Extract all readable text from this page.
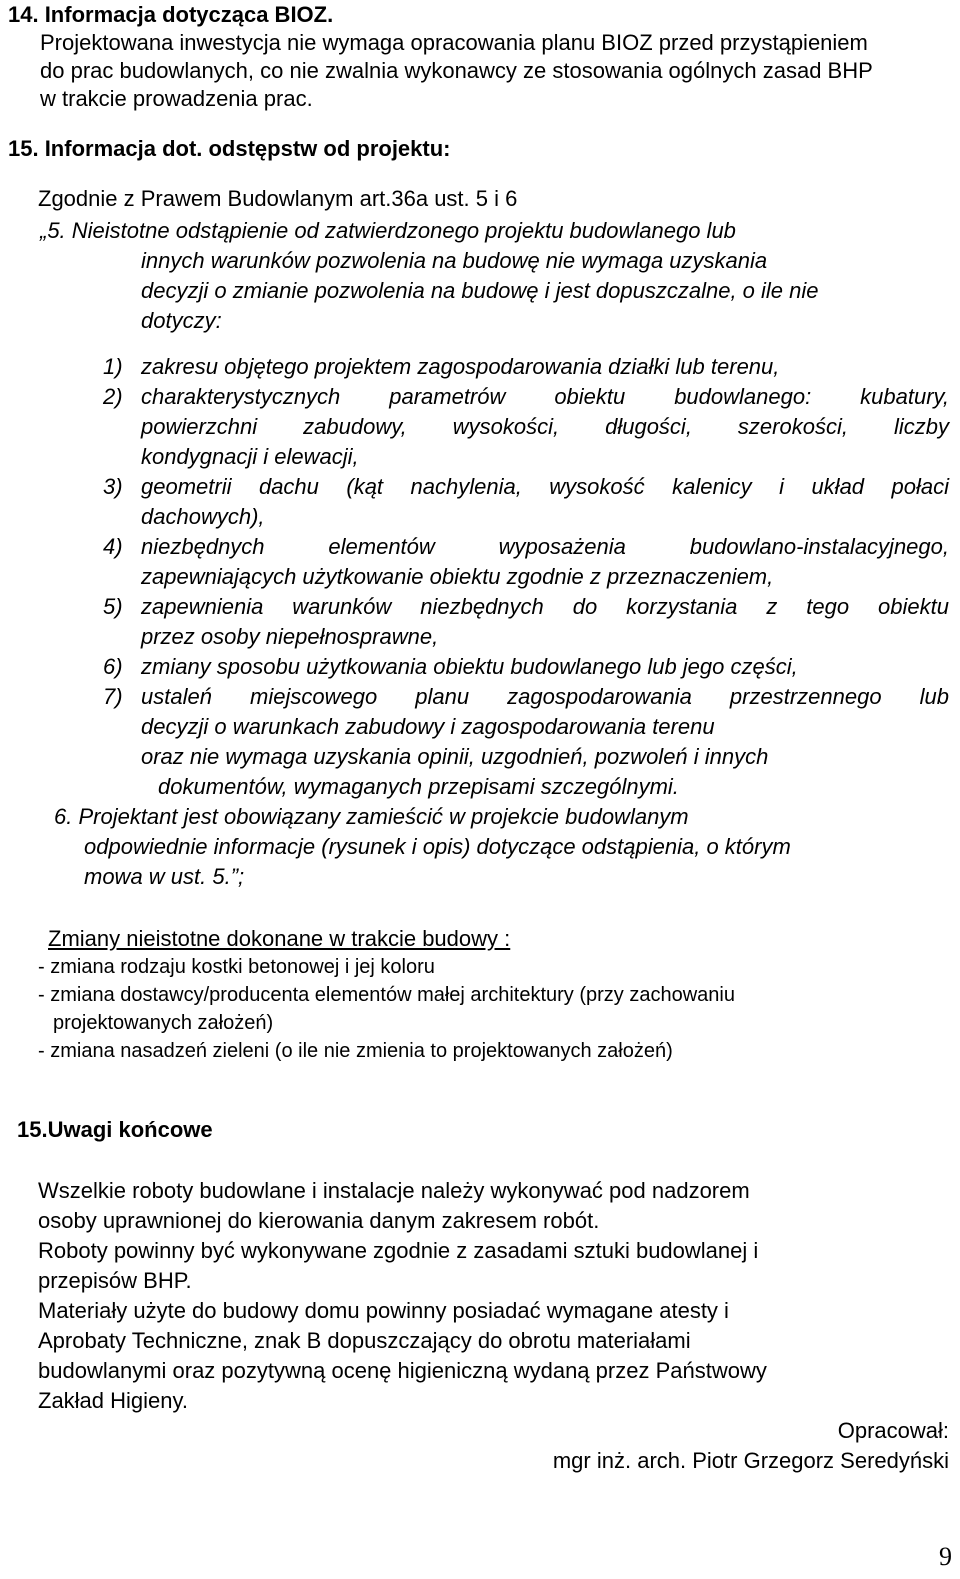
14. Informacja dotycząca BIOZ.
Projektowana inwestycja nie wymaga opracowania planu BIOZ przed przystąpieniem
do prac budowlanych, co nie zwalnia wykonawcy ze stosowania ogólnych zasad BHP
w trakcie prowadzenia prac.
15. Informacja dot. odstępstw od projektu:
Zgodnie z Prawem Budowlanym art.36a ust. 5 i 6
„5. Nieistotne odstąpienie od zatwierdzonego projektu budowlanego lub
innych warunków pozwolenia na budowę nie wymaga uzyskania
decyzji o zmianie pozwolenia na budowę i jest dopuszczalne, o ile nie
dotyczy:
1) zakresu objętego projektem zagospodarowania działki lub terenu,
2) charakterystycznych parametrów obiektu budowlanego: kubatury,
powierzchni zabudowy, wysokości, długości, szerokości, liczby
kondygnacji i elewacji,
3) geometrii dachu (kąt nachylenia, wysokość kalenicy i układ połaci
dachowych),
4) niezbędnych elementów wyposażenia budowlano-instalacyjnego,
zapewniających użytkowanie obiektu zgodnie z przeznaczeniem,
5) zapewnienia warunków niezbędnych do korzystania z tego obiektu
przez osoby niepełnosprawne,
6) zmiany sposobu użytkowania obiektu budowlanego lub jego części,
7) ustaleń miejscowego planu zagospodarowania przestrzennego lub
decyzji o warunkach zabudowy i zagospodarowania terenu
oraz nie wymaga uzyskania opinii, uzgodnień, pozwoleń i innych
dokumentów, wymaganych przepisami szczególnymi.
6. Projektant jest obowiązany zamieścić w projekcie budowlanym
odpowiednie informacje (rysunek i opis) dotyczące odstąpienia, o którym
mowa w ust. 5.”;
Zmiany nieistotne dokonane w trakcie budowy :
- zmiana rodzaju kostki betonowej i jej koloru
- zmiana dostawcy/producenta elementów małej architektury (przy zachowaniu
projektowanych założeń)
- zmiana nasadzeń zieleni (o ile nie zmienia to projektowanych założeń)
15.Uwagi końcowe
Wszelkie roboty budowlane i instalacje należy wykonywać pod nadzorem
osoby uprawnionej do kierowania danym zakresem robót.
Roboty powinny być wykonywane zgodnie z zasadami sztuki budowlanej i
przepisów BHP.
Materiały użyte do budowy domu powinny posiadać wymagane atesty i
Aprobaty Techniczne, znak B dopuszczający do obrotu materiałami
budowlanymi oraz pozytywną ocenę higieniczną wydaną przez Państwowy
Zakład Higieny.
Opracował:
mgr inż. arch. Piotr Grzegorz Seredyński
9
